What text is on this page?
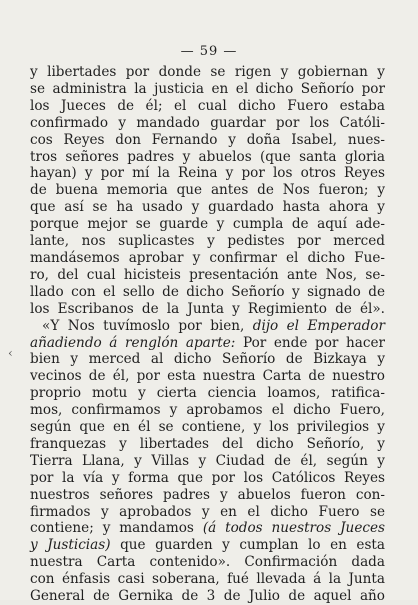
— 59 —
‹
y libertades por donde se rigen y gobiernan y
se administra la justicia en el dicho Señorío por
los Jueces de él; el cual dicho Fuero estaba
confirmado y mandado guardar por los Católi-
cos Reyes don Fernando y doña Isabel, nues-
tros señores padres y abuelos (que santa gloria
hayan) y por mí la Reina y por los otros Reyes
de buena memoria que antes de Nos fueron; y
que así se ha usado y guardado hasta ahora y
porque mejor se guarde y cumpla de aquí ade-
lante, nos suplicastes y pedistes por merced
mandásemos aprobar y confirmar el dicho Fue-
ro, del cual hicisteis presentación ante Nos, se-
llado con el sello de dicho Señorío y signado de
los Escribanos de la Junta y Regimiento de él».
«Y Nos tuvímoslo por bien, dijo el Emperador
añadiendo á renglón aparte: Por ende por hacer
bien y merced al dicho Señorío de Bizkaya y
vecinos de él, por esta nuestra Carta de nuestro
proprio motu y cierta ciencia loamos, ratifica-
mos, confirmamos y aprobamos el dicho Fuero,
según que en él se contiene, y los privilegios y
franquezas y libertades del dicho Señorío, y
Tierra Llana, y Villas y Ciudad de él, según y
por la vía y forma que por los Católicos Reyes
nuestros señores padres y abuelos fueron con-
firmados y aprobados y en el dicho Fuero se
contiene; y mandamos (á todos nuestros Jueces
y Justicias) que guarden y cumplan lo en esta
nuestra Carta contenido». Confirmación dada
con énfasis casi soberana, fué llevada á la Junta
General de Gernika de 3 de Julio de aquel año
